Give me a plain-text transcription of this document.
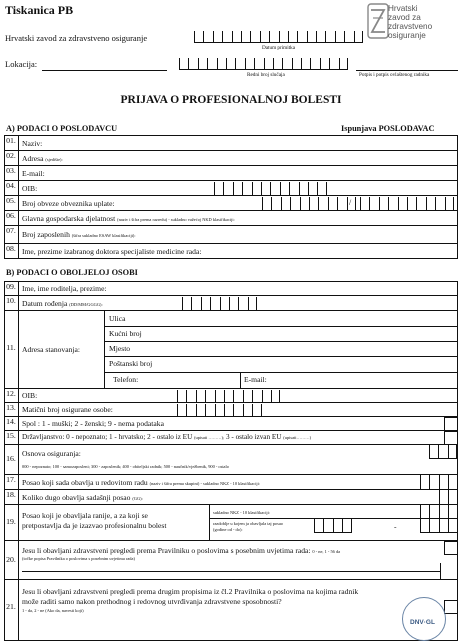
Tiskanica PB	Hrvatski
zavod za
zdravstveno
osiguranje
Hrvatski zavod za zdravstveno osiguranje
Datum primitka
Lokacija:
Redni broj slučaja	Potpis i potpis ovlaštenog radnika
PRIJAVA O PROFESIONALNOJ BOLESTI
A) PODACI O POSLODAVCU	Ispunjava POSLODAVAC
01. Naziv:
02. Adresa (sjedište):
03. E-mail:
04. OIB:
05. Broj obveze obveznika uplate:	/
06. Glavna gospodarska djelatnost (naziv i šifra prema razredu) - sukladno važećoj NKD klasifikaciji:
07. Broj zaposlenih (šifra sukladno ESAW klasifikaciji):
08. Ime, prezime izabranog doktora specijaliste medicine rada:
B) PODACI O OBOLJELOJ OSOBI
09. Ime, ime roditelja, prezime:
10. Datum rođenja (DD/MM/GGGG):
11. Adresa stanovanja:
Ulica
Kućni broj
Mjesto
Poštanski broj
Telefon:	E-mail:
12. OIB:
13. Matični broj osigurane osobe:
14. Spol : 1 - muški; 2 - ženski; 9 - nema podataka
15. Državljanstvo: 0 - nepoznato; 1 - hrvatsko; 2 - ostalo iz EU (upisati ………); 3 - ostalo izvan EU (upisati………)
16.
Osnova osiguranja:
000 - nepoznato; 100 - samozaposleni; 300 - zaposlenik; 400 - obiteljski radnik; 500 - naučnik/vježbenik, 900 - ostalo
17. Posao koji sada obavlja u redovitom radu (naziv i šifra prema skupini) - sukladno NKZ - 10 klasifikaciji:
18. Koliko dugo obavlja sadašnji posao (GG):
19.
Posao koji je obavljala ranije, a za koji se
pretpostavlja da je izazvao profesionalnu bolest
sukladno NKZ - 10 klasifikaciji:
razdoblje u kojem ja obavljala taj posao
(godine od - do):	-
20.
Jesu li obavljani zdravstveni pregledi prema Pravilniku o poslovima s posebnim uvjetima rada: 0 - ne, 1 - 56 da
(točke popisa Pravilnika o poslovima s posebnim uvjetima rada)
21.
Jesu li obavljani zdravstveni pregledi prema drugim propisima iz čl.2 Pravilnika o poslovima na kojima radnik
može raditi samo nakon prethodnog i redovnog utvrđivanja zdravstvene sposobnosti?
1 - da, 2 - ne (Ako da, navesti koji)
DNV·GL
